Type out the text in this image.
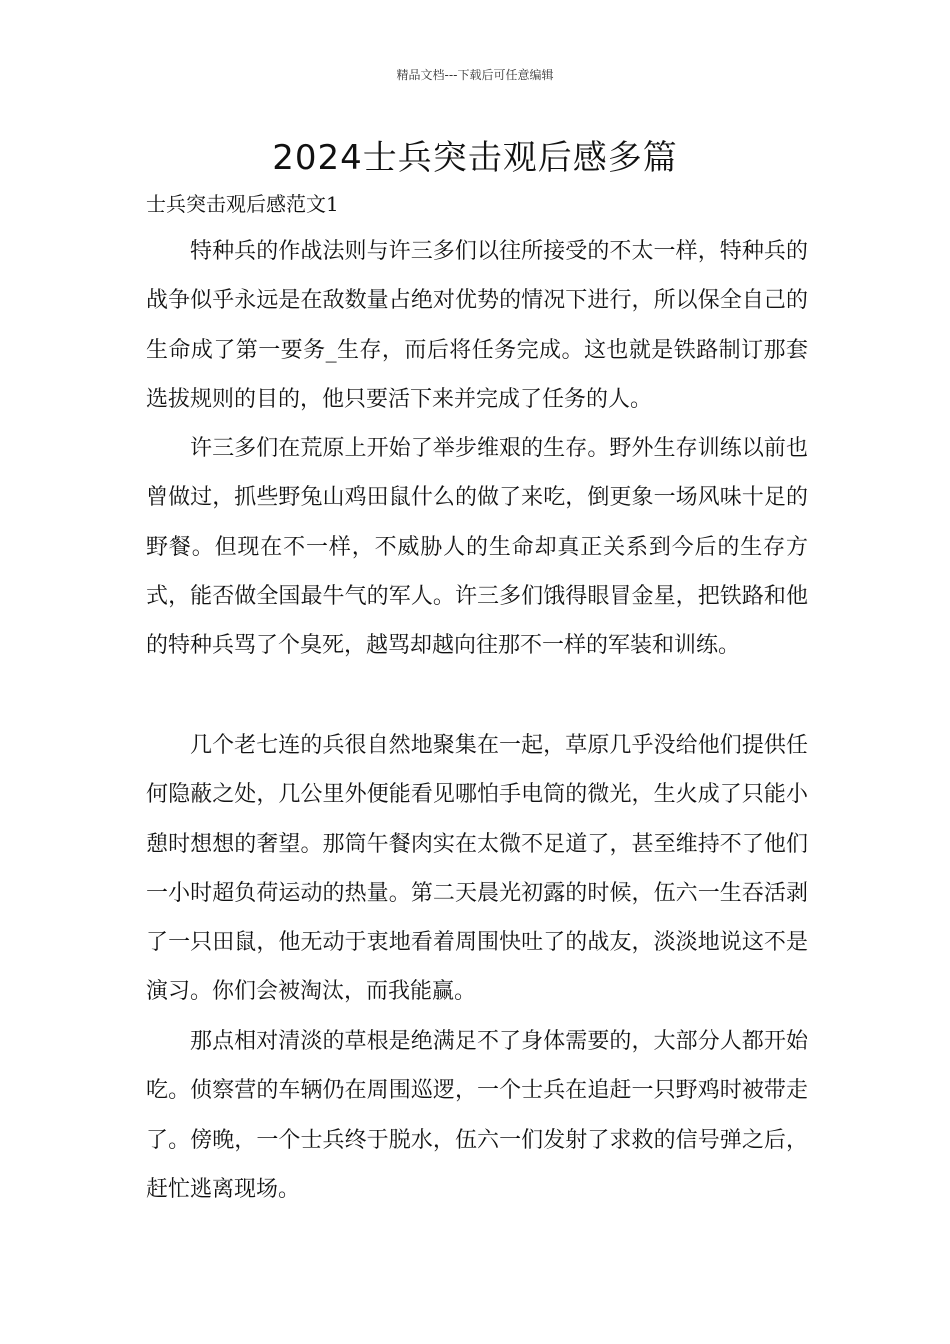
精品文档---下载后可任意编辑
2024士兵突击观后感多篇
士兵突击观后感范文1

特种兵的作战法则与许三多们以往所接受的不太一样，特种兵的战争似乎永远是在敌数量占绝对优势的情况下进行，所以保全自己的生命成了第一要务_生存，而后将任务完成。这也就是铁路制订那套选拔规则的目的，他只要活下来并完成了任务的人。

许三多们在荒原上开始了举步维艰的生存。野外生存训练以前也曾做过，抓些野兔山鸡田鼠什么的做了来吃，倒更象一场风味十足的野餐。但现在不一样，不威胁人的生命却真正关系到今后的生存方式，能否做全国最牛气的军人。许三多们饿得眼冒金星，把铁路和他的特种兵骂了个臭死，越骂却越向往那不一样的军装和训练。

几个老七连的兵很自然地聚集在一起，草原几乎没给他们提供任何隐蔽之处，几公里外便能看见哪怕手电筒的微光，生火成了只能小憩时想想的奢望。那筒午餐肉实在太微不足道了，甚至维持不了他们一小时超负荷运动的热量。第二天晨光初露的时候，伍六一生吞活剥了一只田鼠，他无动于衷地看着周围快吐了的战友，淡淡地说这不是演习。你们会被淘汰，而我能赢。

那点相对清淡的草根是绝满足不了身体需要的，大部分人都开始吃。侦察营的车辆仍在周围巡逻，一个士兵在追赶一只野鸡时被带走了。傍晚，一个士兵终于脱水，伍六一们发射了求救的信号弹之后，赶忙逃离现场。
